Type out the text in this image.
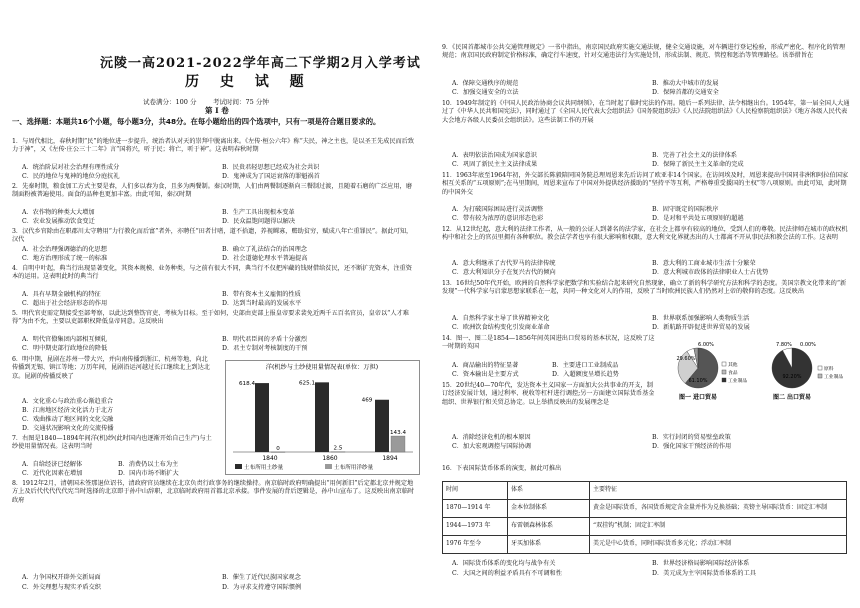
沅陵一高2021-2022学年高二下学期2月入学考试
历 史 试 题
试卷满分：100 分	考试时间：75 分钟
第 I 卷
一、选择题：本题共16个小题，每小题3分，共48分。在每小题给出的四个选项中，只有一项是符合题目要求的。
1．与周代相比，春秋时期“民”的地位进一步提升，统治者认对天的崇拜中脱离出来。《左传·桓公六年》称“夫民，神之主也，是以圣王先成民而后致力于神”，又《左传·庄公三十二年》言“国将兴，听于民；将亡，听于神”。这表明春秋时期
A．统治阶层对社会治理有理性成分	B．民贵君轻思想已经成为社会共识
C．民的地位与鬼神的地位分庭抗礼	D．鬼神成为了国运衰落的罪魁祸首
2．先秦时期，粮食加工方式主要是舂，人们多以舂为食，且多为两餐制。秦汉时期，人们由两餐制逐渐向三餐制过渡，且随着石磨的广泛应用，磨制面粉被普遍使用。面食的品种也更加丰富。由此可知，秦汉时期
A．农作物的种类大大增加	B．生产工具出现根本变革
C．农业发展推动饮食变迁	D．民众温饱问题得以解决
3．汉代乡官除由在职郡川太守聘用“力行教化而后富”者外，亦聘任“田者甘嗜，道不拾遗，养视鳏寡，赡助贫穷，赋成八年亡重罪民”。据此可知，汉代
A．社会治理强调德治的化思想	B．确立了礼法结合的治国理念
C．地方治理形成了统一的标准	D．社会道德伦理水平普遍提高
4．自明中叶起，典当行出现显著变化，其资本规模、业务种类，与之前有很大不同，典当行不仅把库藏的钱财借给贫民，还不断扩充资本，注重资本的运用。这表明此时的典当行
A．具有早期金融机构的特征	B．带有资本主义雇佣的性质
C．超出于社会经济形态的作用	D．达到当时最高的发展水平
5．明代官吏需定期接受至部考察，以此达到整饬官吏、考核为目标。至于如何，史部由吏部上报皇帝要求裴免近两千五百名官员，皇帝以“人才难得”为由不允，主要以吏部职权降低皇帝同意。这反映出
A．明代官僚集团内部相互倾轧	B．明代君臣间的矛盾十分激烈
C．明中期吏部行政地位的降低	D．君主专制对考核制度的干预
6．明中期，昆剧在苏州一带大兴，并向南传播到浙江、杭州等地，向北传播到无锡、镇江等地；万历年间，昆剧沿运河越过长江继续北上到达北京。昆剧的传播反映了
A．文化重心与政治重心渐趋重合
B．江南地区经济文化活力于北方
C．戏曲推动了地区间的文化交融
D．交通状况影响文化的交流传播
7．右图是1840—1894年间洋(机)纱(此时国内也逐渐开始自己生产)与土纱使用量情况表。这表明当时
A．自给经济已经解体	B．消费仍以土布为主
C．近代化因素在增加	D．国内市场不断扩大
洋(机纱与土纱使用量情况表(单位：万担)
618.4
0
1840
625.1
2.5
1860
469
143.4
1894
土布所用土纱量	土布所用洋纱量
8．1912年2月，清朝国未签那退位诏书，清政府官员继续在北京负责行政事务的继续操持。南京临时政府明确提出“用何新旧”后定都北京并规定地方上及后代代代代代宪当时选择的北京即于孙中山辞职，北京临时政府用首都北京承接。事件发展的背后逻辑是，孙中山宣布了。这反映出南京临时政府
A．力争国权开辟外交新局面	B．催生了近代民族国家观念
C．外交理想与现实矛盾交织	D．为寻求支持遵守国际惯例
9．《民国首都城市公共交通管理规定》一书中指出，南京国民政府实施交通法规，健全交通设施，对车辆进行登记检验，形成严密化、程序化的管理规范；南京国民政府制定价格标准，确定行车速度，针对交通违法行为实施处罚，形成法制、规范、管控和惩治等管理路径。该举措旨在
A．保障交通秩序的规范	B．推动大中城市的发展
C．加强交通安全的立法	D．保障首都的交通安全
10．1949年制定的《中国人民政治协商会议共同纲领》，在当时起了临时宪法的作用。随后一系列法律、法令相继出台。1954年，第一届全国人大通过了《中华人民共和国宪法》，同时通过了《全国人民代表大会组织法》《国务院组织法》《人民法院组织法》《人民检察院组织法》《地方各级人民代表大会地方各级人民委员会组织法》。这些法制工作的开展
A．表明依法治国成为国家意识	B．完善了社会主义的法律体系
C．巩固了新民主主义法律成果	D．保障了新民主主义革命的完成
11．1963年底至1964年初，外交部长陈毅陪同国务院总理周恩来先后访问了欧亚非14个国家。在访问埃及时，周恩来提出中国同非洲和阿拉伯国家相互关系的“五项原则”;在马里期间，周恩来宣布了中国对外提供经济援助的“坚持平等互利，严格尊重受援国的主权”等八项原则。由此可知，此时期的中国外交
A．为打破国际困局进行灵活调整	B．固守既定的国际秩序
C．带有较为浓厚的意识形态色彩	D．是对和平共处五项原则的超越
12．从12世纪起，意大利的法律工作者，从一般的公证人到著名的法学家，在社会上都享有较高的地位，受到人们的尊敬。民法律师在城市的政权机构中和社会上的官员里拥有各种职位。教会法学者也享有很大影响和权限，意大利文化界就杰出的人士都离不开从事民法和教会法的工作。这表明
A．意大利继承了古代罗马的法律传统	B．意大利的工商业城市生活十分繁荣
C．意大利知识分子在复兴古代的倾向	D．意大利城市政体的法律职业人士占优势
13．16世纪50年代开始，欧洲的自然科学家把数学和实验结合起来研究自然现象，确立了新的科学研究方法和科学的态度。美国宗教文化带来的“新发现”一代科学家与启蒙思想家联系在一起，共同一种文化对人的作用，反映了当时欧洲民族人们仍然对上帝的敬仰的态度。这反映出
A．自然科学家主导了世界精神文化	B．世界联系加强影响人类物质生活
C．欧洲饮食结构变化引发商业革命	D．新航路开辟促进世界贸易的发展
14．图一、图二是1854—1856年间英国进出口贸易的基本状况，这反映了这一时期的英国
A．商品输出的特征显著	B．主要进口工业制成品
C．资本输出是主要方式	D．入超额度呈增长趋势
61.10%
29.60%
6.00%
其他
食品
工业制品
图一 进口贸易
7.80% 0.00%
92.20%
原料
工业制品
图二 出口贸易
15．20世纪40—70年代，发达资本主义国家一方面加大公共事业的开支，制订经济发展计划，通过利率、税收等杠杆进行调控;另一方面建立国际货币基金组织、世界银行和关贸总协定。以上举措反映出的发展理念是
A．消除经济危机的根本原因	B．实行封闭的贸易壁垒政策
C．加大宏观调控与国际协调	D．强化国家干预经济的作用
16．下表国际货币体系的演变，据此可推出
时间	体系	主要特征
1870—1914 年	金本位制体系	黄金是国际货币，各国货币规定含金量并作为兑换基础；英镑主导国际货币：固定汇率制
1944—1973 年	布雷顿森林体系	“双挂钩”机制；固定汇率制
1976 年至今	牙买加体系	美元是中心货币，同时国际货币多元化；浮动汇率制
A．国际货币体系的变化均与战争有关	B．世界经济格局影响国际经济体系
C．大国之间的利益矛盾具有不可调和性	D．美元成为主宰国际货币体系的工具
